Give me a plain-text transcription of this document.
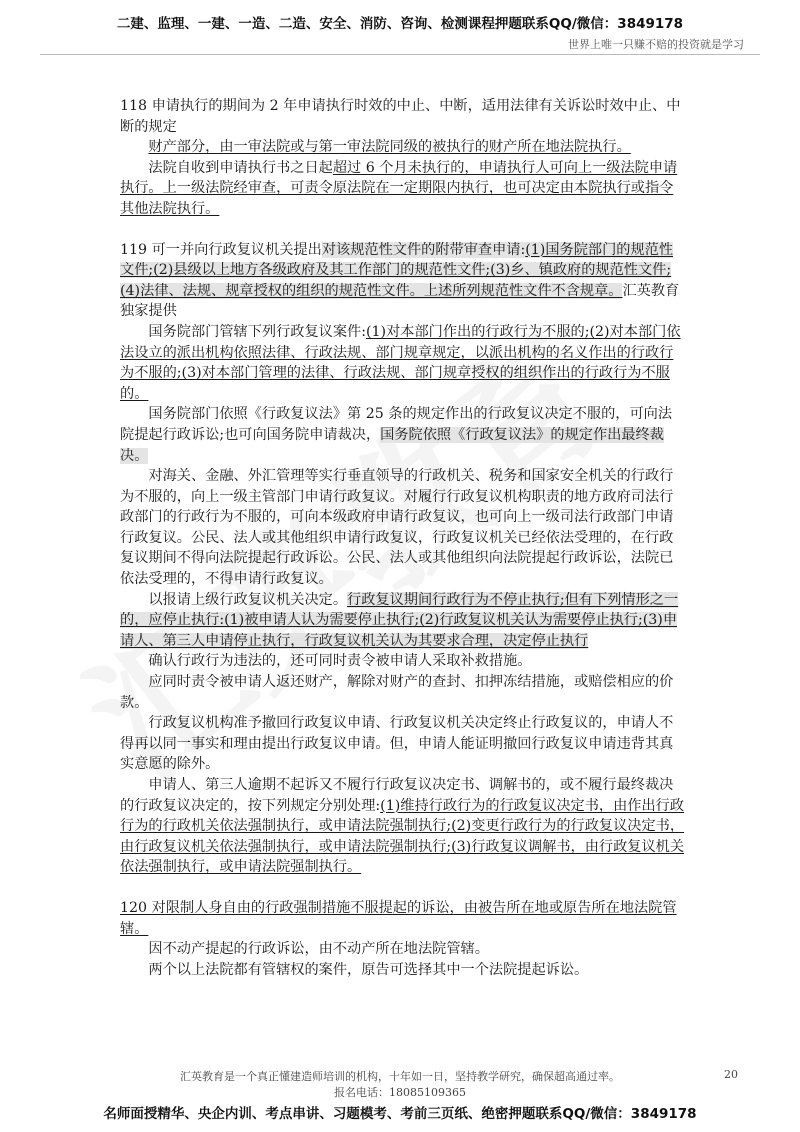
二建、监理、一建、一造、二造、安全、消防、咨询、检测课程押题联系QQ/微信：3849178
世界上唯一只赚不赔的投资就是学习

118 申请执行的期间为 2 年申请执行时效的中止、中断，适用法律有关诉讼时效中止、中断的规定

财产部分，由一审法院或与第一审法院同级的被执行的财产所在地法院执行。

法院自收到申请执行书之日起超过 6 个月未执行的，申请执行人可向上一级法院申请执行。上一级法院经审查，可责令原法院在一定期限内执行，也可决定由本院执行或指令其他法院执行。

119 可一并向行政复议机关提出对该规范性文件的附带审查申请:(1)国务院部门的规范性文件;(2)县级以上地方各级政府及其工作部门的规范性文件;(3)乡、镇政府的规范性文件;(4)法律、法规、规章授权的组织的规范性文件。上述所列规范性文件不含规章。汇英教育独家提供

国务院部门管辖下列行政复议案件:(1)对本部门作出的行政行为不服的;(2)对本部门依法设立的派出机构依照法律、行政法规、部门规章规定，以派出机构的名义作出的行政行为不服的;(3)对本部门管理的法律、行政法规、部门规章授权的组织作出的行政行为不服的。

国务院部门依照《行政复议法》第 25 条的规定作出的行政复议决定不服的，可向法院提起行政诉讼;也可向国务院申请裁决，国务院依照《行政复议法》的规定作出最终裁决。

对海关、金融、外汇管理等实行垂直领导的行政机关、税务和国家安全机关的行政行为不服的，向上一级主管部门申请行政复议。对履行行政复议机构职责的地方政府司法行政部门的行政行为不服的，可向本级政府申请行政复议，也可向上一级司法行政部门申请行政复议。公民、法人或其他组织申请行政复议，行政复议机关已经依法受理的，在行政复议期间不得向法院提起行政诉讼。公民、法人或其他组织向法院提起行政诉讼，法院已依法受理的，不得申请行政复议。

以报请上级行政复议机关决定。行政复议期间行政行为不停止执行;但有下列情形之一的，应停止执行:(1)被申请人认为需要停止执行;(2)行政复议机关认为需要停止执行;(3)申请人、第三人申请停止执行，行政复议机关认为其要求合理，决定停止执行

确认行政行为违法的，还可同时责令被申请人采取补救措施。

应同时责令被申请人返还财产，解除对财产的查封、扣押冻结措施，或赔偿相应的价款。

行政复议机构准予撤回行政复议申请、行政复议机关决定终止行政复议的，申请人不得再以同一事实和理由提出行政复议申请。但，申请人能证明撤回行政复议申请违背其真实意愿的除外。

申请人、第三人逾期不起诉又不履行行政复议决定书、调解书的，或不履行最终裁决的行政复议决定的，按下列规定分别处理:(1)维持行政行为的行政复议决定书，由作出行政行为的行政机关依法强制执行，或申请法院强制执行;(2)变更行政行为的行政复议决定书，由行政复议机关依法强制执行，或申请法院强制执行;(3)行政复议调解书，由行政复议机关依法强制执行，或申请法院强制执行。

120 对限制人身自由的行政强制措施不服提起的诉讼，由被告所在地或原告所在地法院管辖。

因不动产提起的行政诉讼，由不动产所在地法院管辖。

两个以上法院都有管辖权的案件，原告可选择其中一个法院提起诉讼。

汇英教育是一个真正懂建造师培训的机构，十年如一日，坚持教学研究，确保超高通过率。
报名电话：18085109365
20
名师面授精华、央企内训、考点串讲、习题模考、考前三页纸、绝密押题联系QQ/微信：3849178
